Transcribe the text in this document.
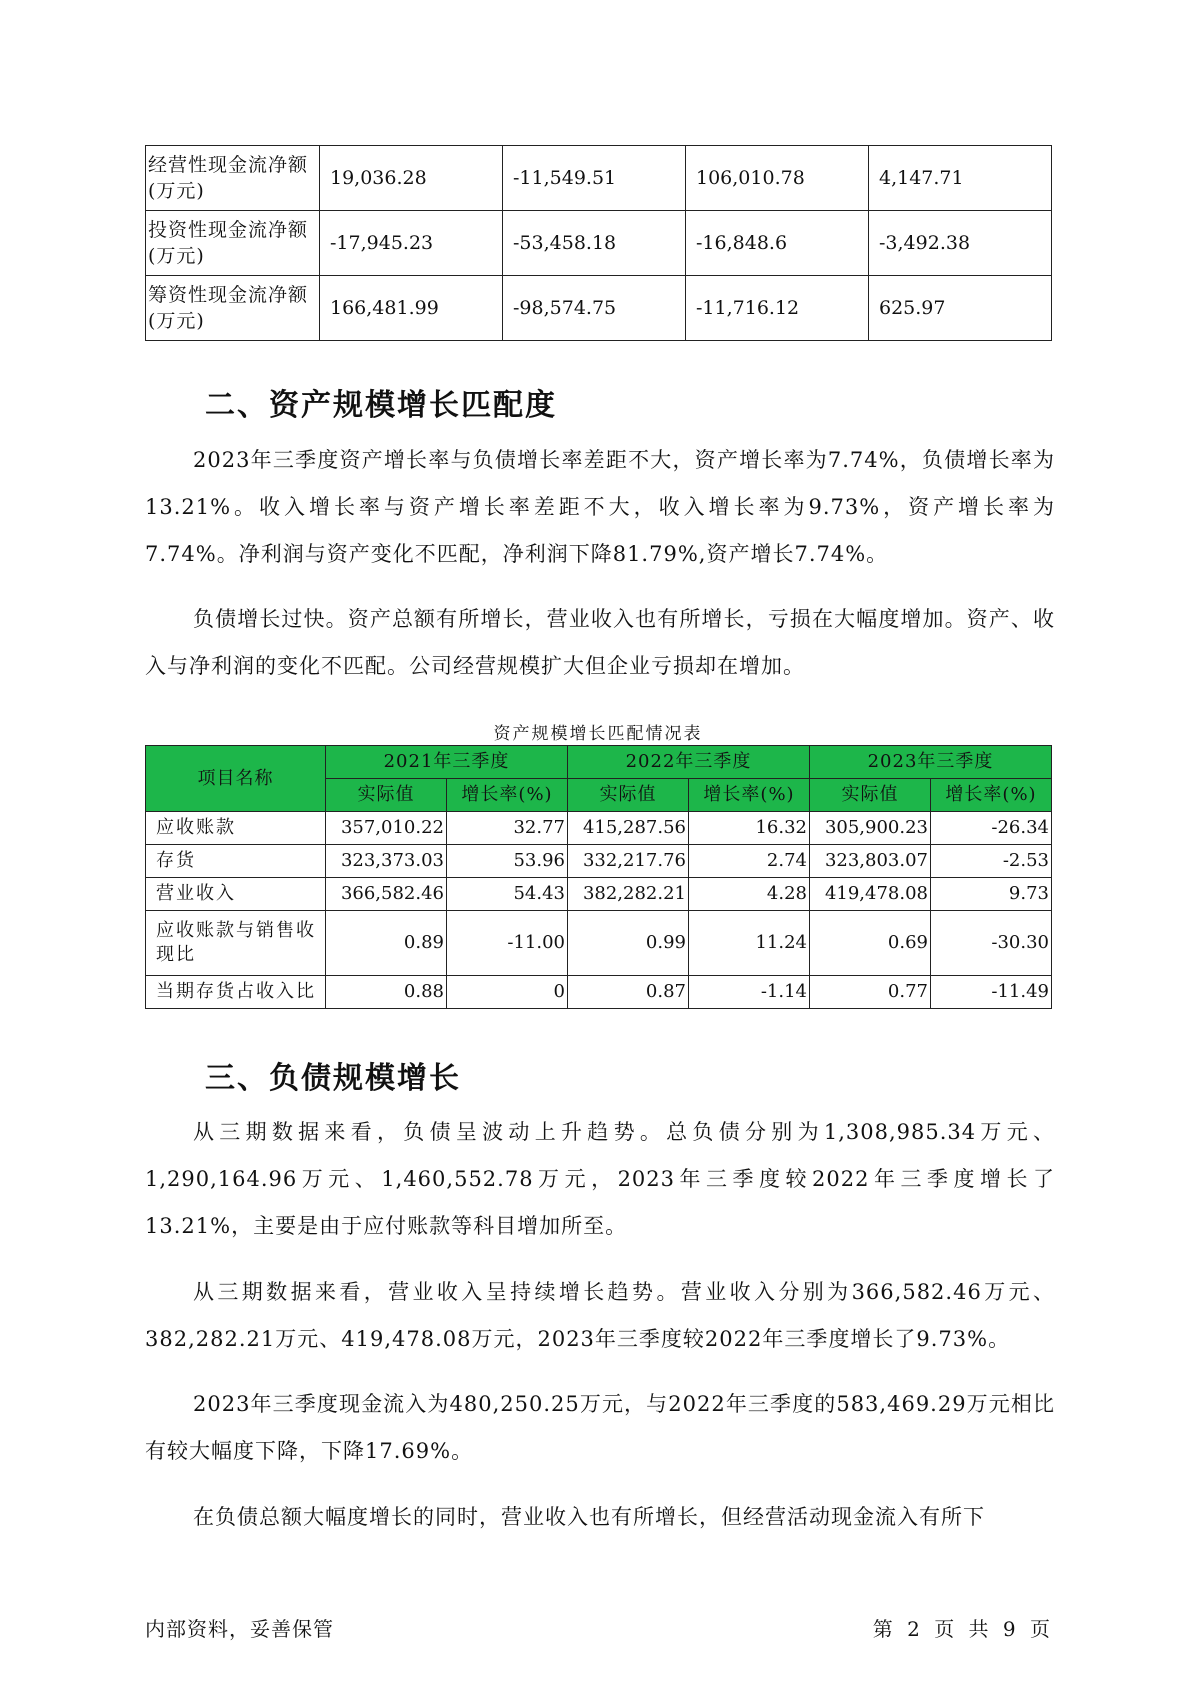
经营性现金流净额(万元)	19,036.28	-11,549.51	106,010.78	4,147.71
投资性现金流净额(万元)	-17,945.23	-53,458.18	-16,848.6	-3,492.38
筹资性现金流净额(万元)	166,481.99	-98,574.75	-11,716.12	625.97
二、资产规模增长匹配度

2023年三季度资产增长率与负债增长率差距不大，资产增长率为7.74%，负债增长率为13.21%。收入增长率与资产增长率差距不大，收入增长率为9.73%，资产增长率为7.74%。净利润与资产变化不匹配，净利润下降81.79%,资产增长7.74%。

负债增长过快。资产总额有所增长，营业收入也有所增长，亏损在大幅度增加。资产、收入与净利润的变化不匹配。公司经营规模扩大但企业亏损却在增加。

资产规模增长匹配情况表
项目名称	2021年三季度		2022年三季度		2023年三季度	
	实际值	增长率(%)	实际值	增长率(%)	实际值	增长率(%)
应收账款	357,010.22	32.77	415,287.56	16.32	305,900.23	-26.34
存货	323,373.03	53.96	332,217.76	2.74	323,803.07	-2.53
营业收入	366,582.46	54.43	382,282.21	4.28	419,478.08	9.73
应收账款与销售收现比	0.89	-11.00	0.99	11.24	0.69	-30.30
当期存货占收入比	0.88	0	0.87	-1.14	0.77	-11.49
三、负债规模增长

从三期数据来看，负债呈波动上升趋势。总负债分别为1,308,985.34万元、1,290,164.96万元、1,460,552.78万元，2023年三季度较2022年三季度增长了13.21%，主要是由于应付账款等科目增加所至。

从三期数据来看，营业收入呈持续增长趋势。营业收入分别为366,582.46万元、382,282.21万元、419,478.08万元，2023年三季度较2022年三季度增长了9.73%。

2023年三季度现金流入为480,250.25万元，与2022年三季度的583,469.29万元相比有较大幅度下降，下降17.69%。

在负债总额大幅度增长的同时，营业收入也有所增长，但经营活动现金流入有所下

内部资料，妥善保管	第 2 页 共 9 页
